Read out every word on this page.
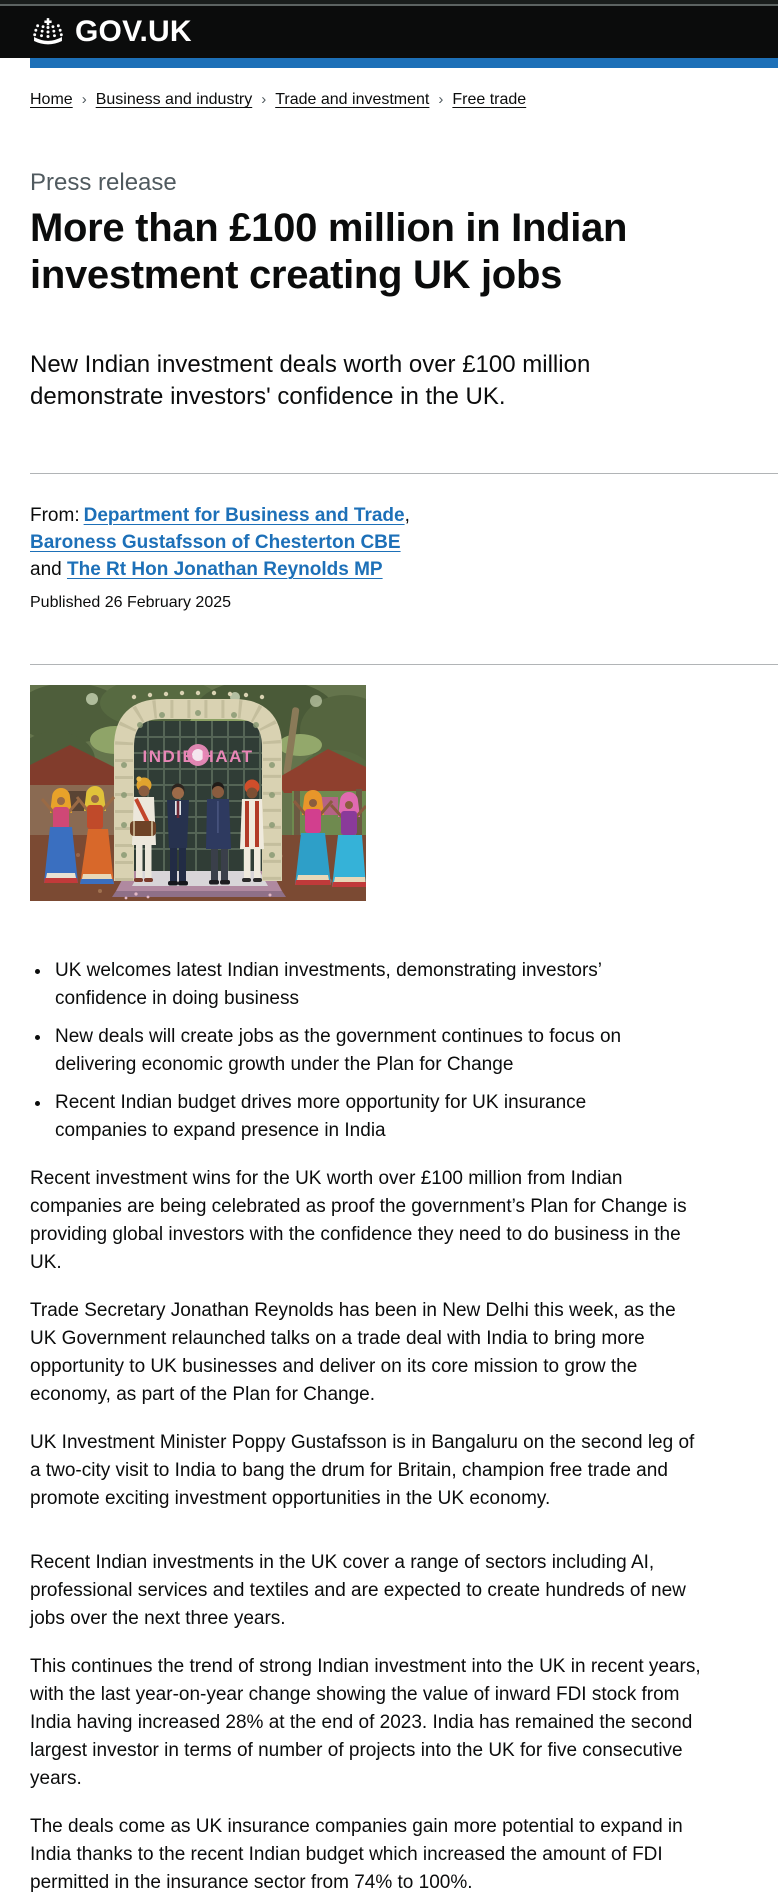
GOV.UK
Home › Business and industry › Trade and investment › Free trade

Press release

More than £100 million in Indian investment creating UK jobs

New Indian investment deals worth over £100 million demonstrate investors' confidence in the UK.

From: Department for Business and Trade, Baroness Gustafsson of Chesterton CBE
and The Rt Hon Jonathan Reynolds MP

Published 26 February 2025

INDIE HAAT
• UK welcomes latest Indian investments, demonstrating investors’ confidence in doing business
• New deals will create jobs as the government continues to focus on delivering economic growth under the Plan for Change
• Recent Indian budget drives more opportunity for UK insurance companies to expand presence in India

Recent investment wins for the UK worth over £100 million from Indian companies are being celebrated as proof the government’s Plan for Change is providing global investors with the confidence they need to do business in the UK.

Trade Secretary Jonathan Reynolds has been in New Delhi this week, as the UK Government relaunched talks on a trade deal with India to bring more opportunity to UK businesses and deliver on its core mission to grow the economy, as part of the Plan for Change.

UK Investment Minister Poppy Gustafsson is in Bangaluru on the second leg of a two-city visit to India to bang the drum for Britain, champion free trade and promote exciting investment opportunities in the UK economy.

Recent Indian investments in the UK cover a range of sectors including AI, professional services and textiles and are expected to create hundreds of new jobs over the next three years.

This continues the trend of strong Indian investment into the UK in recent years, with the last year-on-year change showing the value of inward FDI stock from India having increased 28% at the end of 2023. India has remained the second largest investor in terms of number of projects into the UK for five consecutive years.

The deals come as UK insurance companies gain more potential to expand in India thanks to the recent Indian budget which increased the amount of FDI permitted in the insurance sector from 74% to 100%.
